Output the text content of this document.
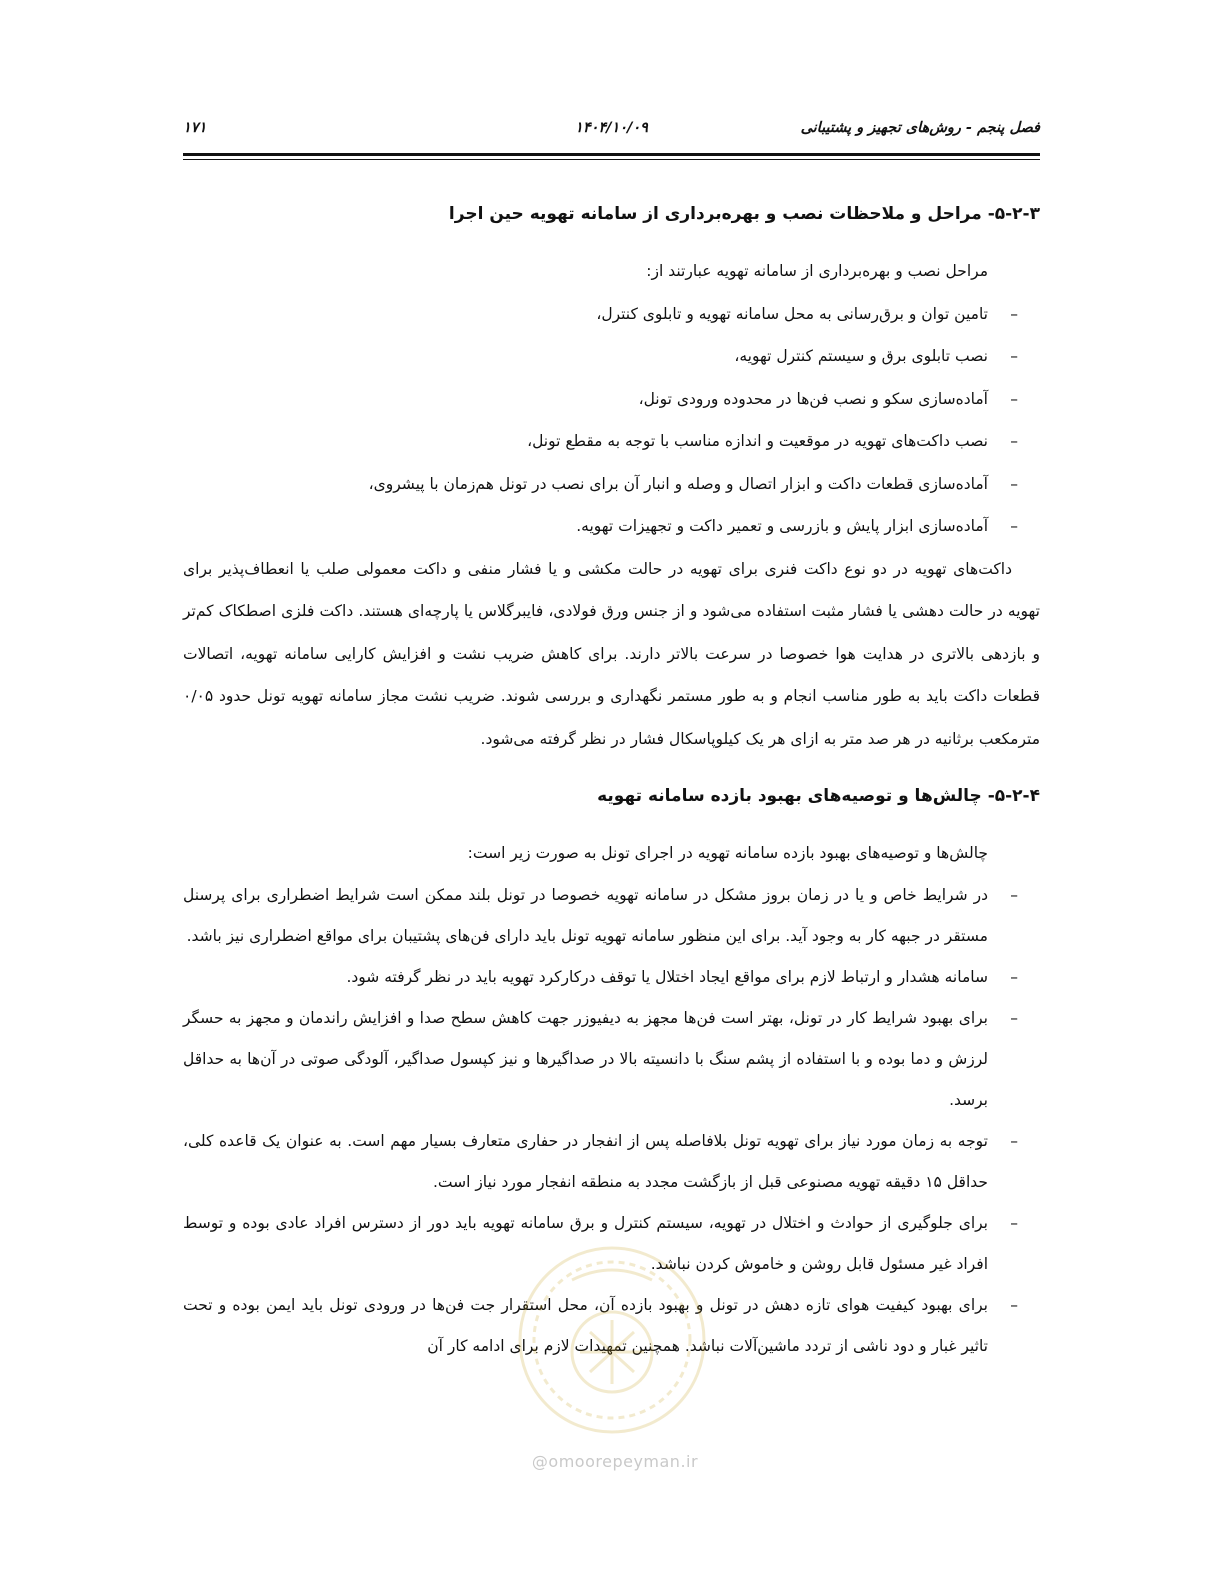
فصل پنجم - روش‌های تجهیز و پشتیبانی
۱۴۰۴/۱۰/۰۹
۱۷۱
۵-۲-۳- مراحل و ملاحظات نصب و بهره‌برداری از سامانه تهویه حین اجرا

مراحل نصب و بهره‌برداری از سامانه تهویه عبارتند از:

–
تامین توان و برق‌رسانی به محل سامانه تهویه و تابلوی کنترل،
–
نصب تابلوی برق و سیستم کنترل تهویه،
–
آماده‌سازی سکو و نصب فن‌ها در محدوده ورودی تونل،
–
نصب داکت‌های تهویه در موقعیت و اندازه مناسب با توجه به مقطع تونل،
–
آماده‌سازی قطعات داکت و ابزار اتصال و وصله و انبار آن برای نصب در تونل هم‌زمان با پیشروی،
–
آماده‌سازی ابزار پایش و بازرسی و تعمیر داکت و تجهیزات تهویه.

داکت‌های تهویه در دو نوع داکت فنری برای تهویه در حالت مکشی و یا فشار منفی و داکت معمولی صلب یا انعطاف‌پذیر برای تهویه در حالت دهشی یا فشار مثبت استفاده می‌شود و از جنس ورق فولادی، فایبرگلاس یا پارچه‌ای هستند. داکت فلزی اصطکاک کم‌تر و بازدهی بالاتری در هدایت هوا خصوصا در سرعت بالاتر دارند. برای کاهش ضریب نشت و افزایش کارایی سامانه تهویه، اتصالات قطعات داکت باید به طور مناسب انجام و به طور مستمر نگهداری و بررسی شوند. ضریب نشت مجاز سامانه تهویه تونل حدود ۰/۰۵ مترمکعب برثانیه در هر صد متر به ازای هر یک کیلوپاسکال فشار در نظر گرفته می‌شود.

۵-۲-۴- چالش‌ها و توصیه‌های بهبود بازده سامانه تهویه

چالش‌ها و توصیه‌های بهبود بازده سامانه تهویه در اجرای تونل به صورت زیر است:

–
در شرایط خاص و یا در زمان بروز مشکل در سامانه تهویه خصوصا در تونل بلند ممکن است شرایط اضطراری برای پرسنل مستقر در جبهه کار به وجود آید. برای این منظور سامانه تهویه تونل باید دارای فن‌های پشتیبان برای مواقع اضطراری نیز باشد.
–
سامانه هشدار و ارتباط لازم برای مواقع ایجاد اختلال یا توقف درکارکرد تهویه باید در نظر گرفته شود.
–
برای بهبود شرایط کار در تونل، بهتر است فن‌ها مجهز به دیفیوزر جهت کاهش سطح صدا و افزایش راندمان و مجهز به حسگر لرزش و دما بوده و با استفاده از پشم سنگ با دانسیته بالا در صداگیرها و نیز کپسول صداگیر، آلودگی صوتی در آن‌ها به حداقل برسد.
–
توجه به زمان مورد نیاز برای تهویه تونل بلافاصله پس از انفجار در حفاری متعارف بسیار مهم است. به عنوان یک قاعده کلی، حداقل ۱۵ دقیقه تهویه مصنوعی قبل از بازگشت مجدد به منطقه انفجار مورد نیاز است.
–
برای جلوگیری از حوادث و اختلال در تهویه، سیستم کنترل و برق سامانه تهویه باید دور از دسترس افراد عادی بوده و توسط افراد غیر مسئول قابل روشن و خاموش کردن نباشد.
–
برای بهبود کیفیت هوای تازه دهش در تونل و بهبود بازده آن، محل استقرار جت فن‌ها در ورودی تونل باید ایمن بوده و تحت تاثیر غبار و دود ناشی از تردد ماشین‌آلات نباشد. همچنین تمهیدات لازم برای ادامه کار آن
@omoorepeyman.ir
